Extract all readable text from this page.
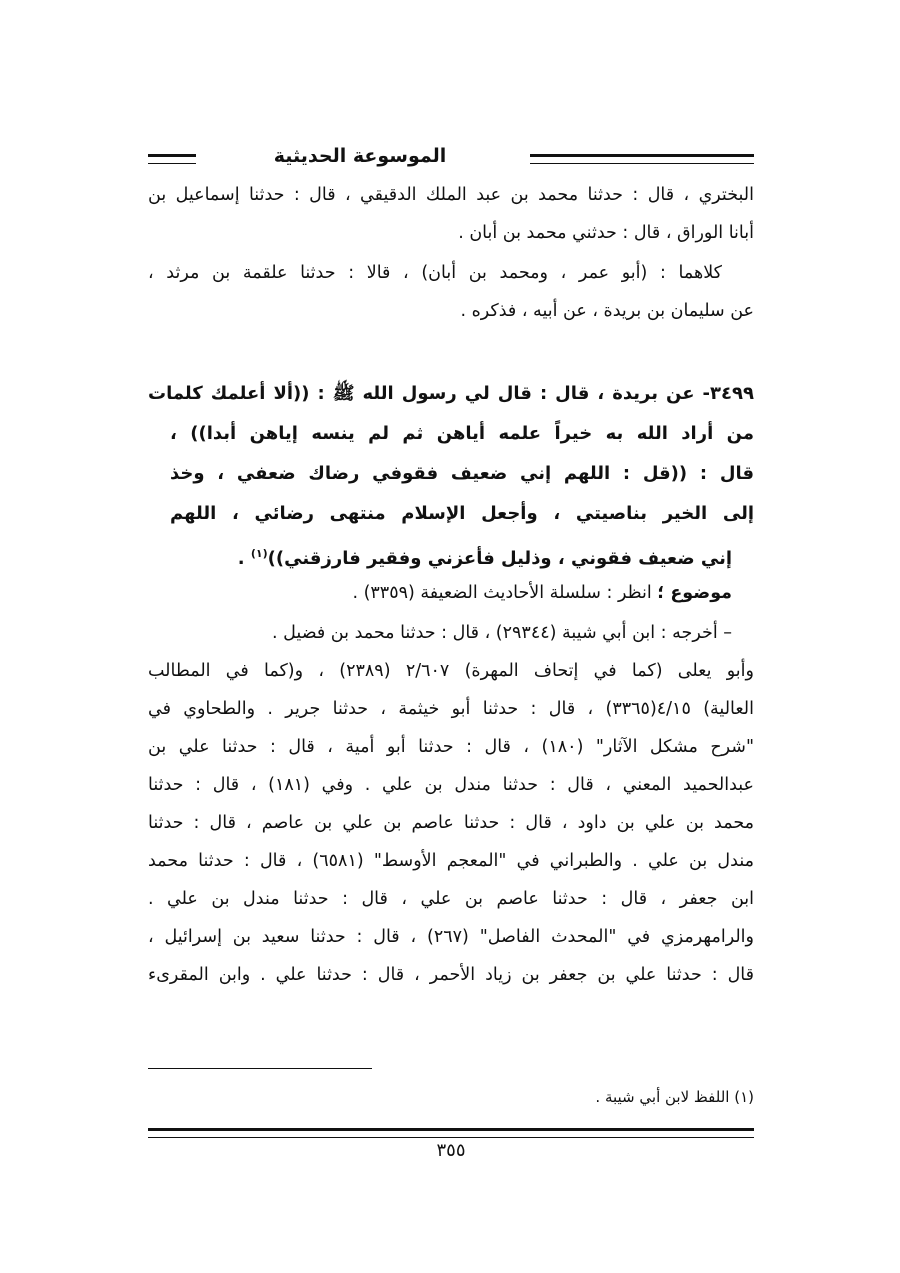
الموسوعة الحديثية
البختري ، قال : حدثنا محمد بن عبد الملك الدقيقي ، قال : حدثنا إسماعيل بن
أبانا الوراق ، قال : حدثني محمد بن أبان .
كلاهما : (أبو عمر ، ومحمد بن أبان) ، قالا : حدثنا علقمة بن مرثد ،
عن سليمان بن بريدة ، عن أبيه ، فذكره .
٣٤٩٩- عن بريدة ، قال : قال لي رسول الله ﷺ : ((ألا أعلمك كلمات
من أراد الله به خيراً علمه أياهن ثم لم ينسه إياهن أبدا)) ،
قال : ((قل : اللهم إني ضعيف فقوفي رضاك ضعفي ، وخذ
إلى الخير بناصيتي ، وأجعل الإسلام منتهى رضائي ، اللهم
إني ضعيف فقوني ، وذليل فأعزني وفقير فارزقني))$^{(١)}$ .
موضوع ؛ انظر : سلسلة الأحاديث الضعيفة (٣٣٥٩) .
– أخرجه : ابن أبي شيبة (٢٩٣٤٤) ، قال : حدثنا محمد بن فضيل .
وأبو يعلى (كما في إتحاف المهرة) ٢/٦٠٧ (٢٣٨٩) ، و(كما في المطالب
العالية) ٤/١٥(٣٣٦٥) ، قال : حدثنا أبو خيثمة ، حدثنا جرير . والطحاوي في
"شرح مشكل الآثار" (١٨٠) ، قال : حدثنا أبو أمية ، قال : حدثنا علي بن
عبدالحميد المعني ، قال : حدثنا مندل بن علي . وفي (١٨١) ، قال : حدثنا
محمد بن علي بن داود ، قال : حدثنا عاصم بن علي بن عاصم ، قال : حدثنا
مندل بن علي . والطبراني في "المعجم الأوسط" (٦٥٨١) ، قال : حدثنا محمد
ابن جعفر ، قال : حدثنا عاصم بن علي ، قال : حدثنا مندل بن علي .
والرامهرمزي في "المحدث الفاصل" (٢٦٧) ، قال : حدثنا سعيد بن إسرائيل ،
قال : حدثنا علي بن جعفر بن زياد الأحمر ، قال : حدثنا علي . وابن المقرىء
(١) اللفظ لابن أبي شيبة .
٣٥٥
